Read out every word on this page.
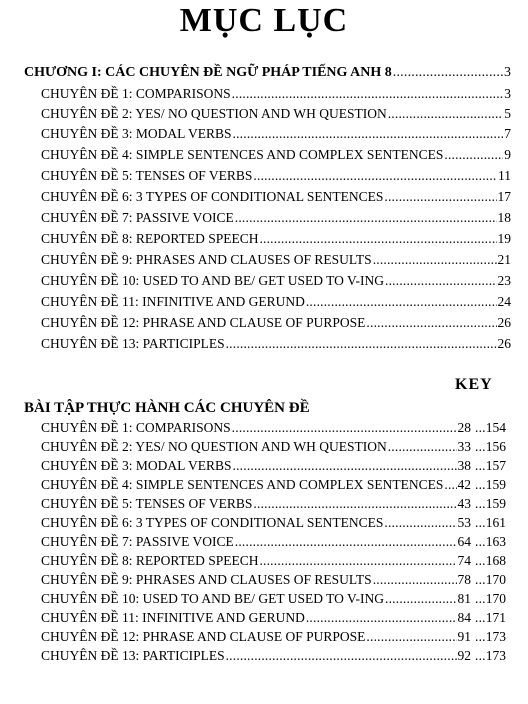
MỤC LỤC
CHƯƠNG I: CÁC CHUYÊN ĐỀ NGỮ PHÁP TIẾNG ANH 8 .....	3
CHUYÊN ĐỀ 1: COMPARISONS .....	3
CHUYÊN ĐỀ 2: YES/ NO QUESTION AND WH QUESTION .....	5
CHUYÊN ĐỀ 3: MODAL VERBS .....	7
CHUYÊN ĐỀ 4: SIMPLE SENTENCES AND COMPLEX SENTENCES .....	9
CHUYÊN ĐỀ 5: TENSES OF VERBS .....	11
CHUYÊN ĐỀ 6: 3 TYPES OF CONDITIONAL SENTENCES .....	17
CHUYÊN ĐỀ 7: PASSIVE VOICE .....	18
CHUYÊN ĐỀ 8: REPORTED SPEECH .....	19
CHUYÊN ĐỀ 9: PHRASES AND CLAUSES OF RESULTS .....	21
CHUYÊN ĐỀ 10: USED TO AND BE/ GET USED TO V-ING .....	23
CHUYÊN ĐỀ 11: INFINITIVE AND GERUND .....	24
CHUYÊN ĐỀ 12: PHRASE AND CLAUSE OF PURPOSE .....	26
CHUYÊN ĐỀ 13: PARTICIPLES .....	26
KEY
BÀI TẬP THỰC HÀNH CÁC CHUYÊN ĐỀ
CHUYÊN ĐỀ 1: COMPARISONS .....	28 ...154
CHUYÊN ĐỀ 2: YES/ NO QUESTION AND WH QUESTION .....	33 ...156
CHUYÊN ĐỀ 3: MODAL VERBS .....	38 ...157
CHUYÊN ĐỀ 4: SIMPLE SENTENCES AND COMPLEX SENTENCES ..... 42 ...159
CHUYÊN ĐỀ 5: TENSES OF VERBS .....	43 ...159
CHUYÊN ĐỀ 6: 3 TYPES OF CONDITIONAL SENTENCES .....	53 ...161
CHUYÊN ĐỀ 7: PASSIVE VOICE .....	64 ...163
CHUYÊN ĐỀ 8: REPORTED SPEECH .....	74 ...168
CHUYÊN ĐỀ 9: PHRASES AND CLAUSES OF RESULTS .....	78 ...170
CHUYÊN ĐỀ 10: USED TO AND BE/ GET USED TO V-ING .....	81 ...170
CHUYÊN ĐỀ 11: INFINITIVE AND GERUND .....	84 ...171
CHUYÊN ĐỀ 12: PHRASE AND CLAUSE OF PURPOSE .....	91 ...173
CHUYÊN ĐỀ 13: PARTICIPLES .....	92 ...173
